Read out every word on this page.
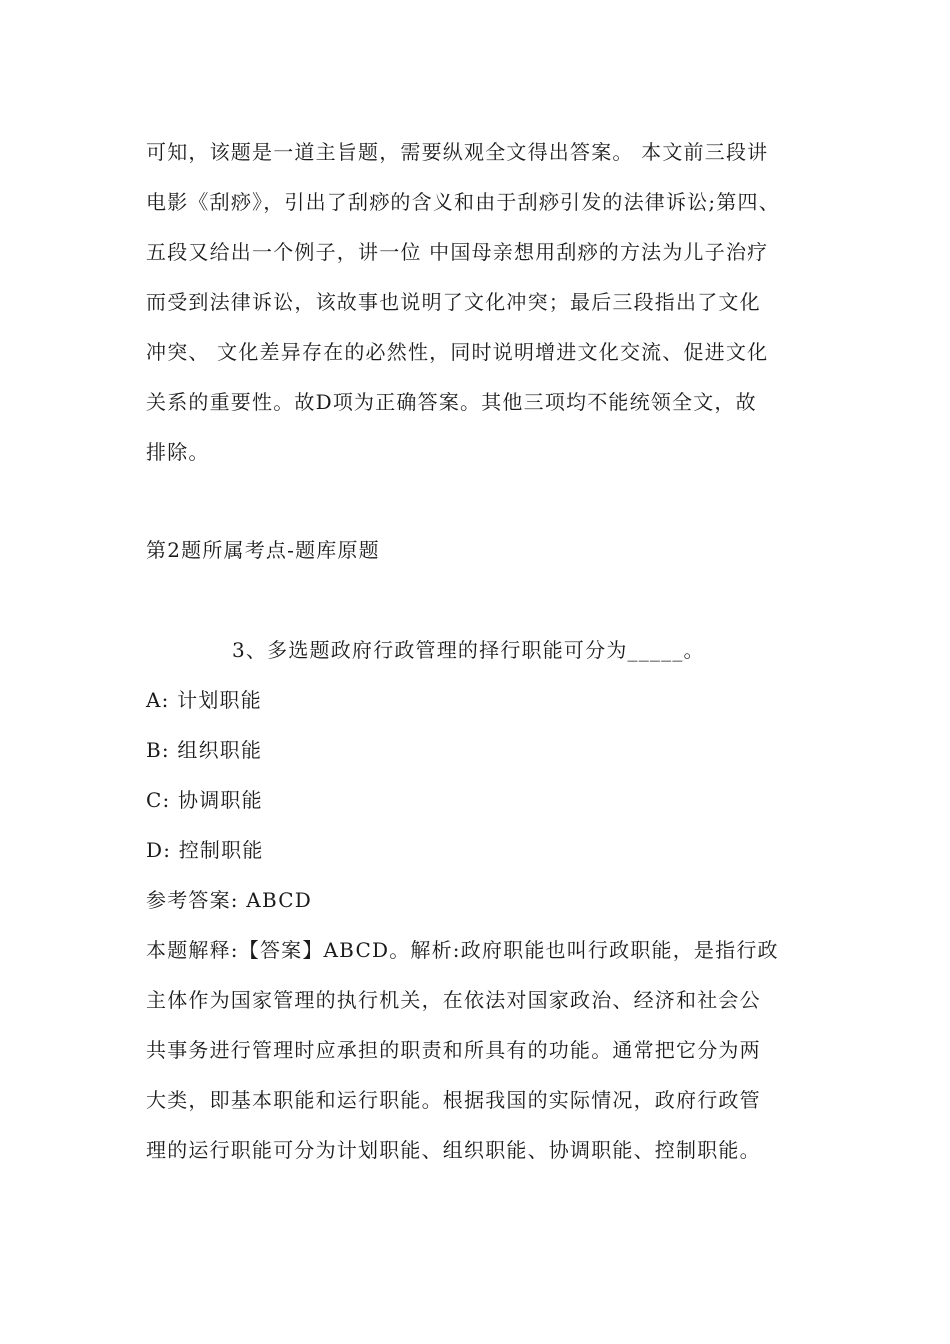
可知，该题是一道主旨题，需要纵观全文得出答案。 本文前三段讲
电影《刮痧》，引出了刮痧的含义和由于刮痧引发的法律诉讼;第四、
五段又给出一个例子，讲一位 中国母亲想用刮痧的方法为儿子治疗
而受到法律诉讼，该故事也说明了文化冲突；最后三段指出了文化
冲突、 文化差异存在的必然性，同时说明增进文化交流、促进文化
关系的重要性。故D项为正确答案。其他三项均不能统领全文，故
排除。
第2题所属考点-题库原题
3、多选题政府行政管理的择行职能可分为_____。
A: 计划职能
B: 组织职能
C: 协调职能
D: 控制职能
参考答案: ABCD
本题解释:【答案】ABCD。解析:政府职能也叫行政职能，是指行政
主体作为国家管理的执行机关，在依法对国家政治、经济和社会公
共事务进行管理时应承担的职责和所具有的功能。通常把它分为两
大类，即基本职能和运行职能。根据我国的实际情况，政府行政管
理的运行职能可分为计划职能、组织职能、协调职能、控制职能。
